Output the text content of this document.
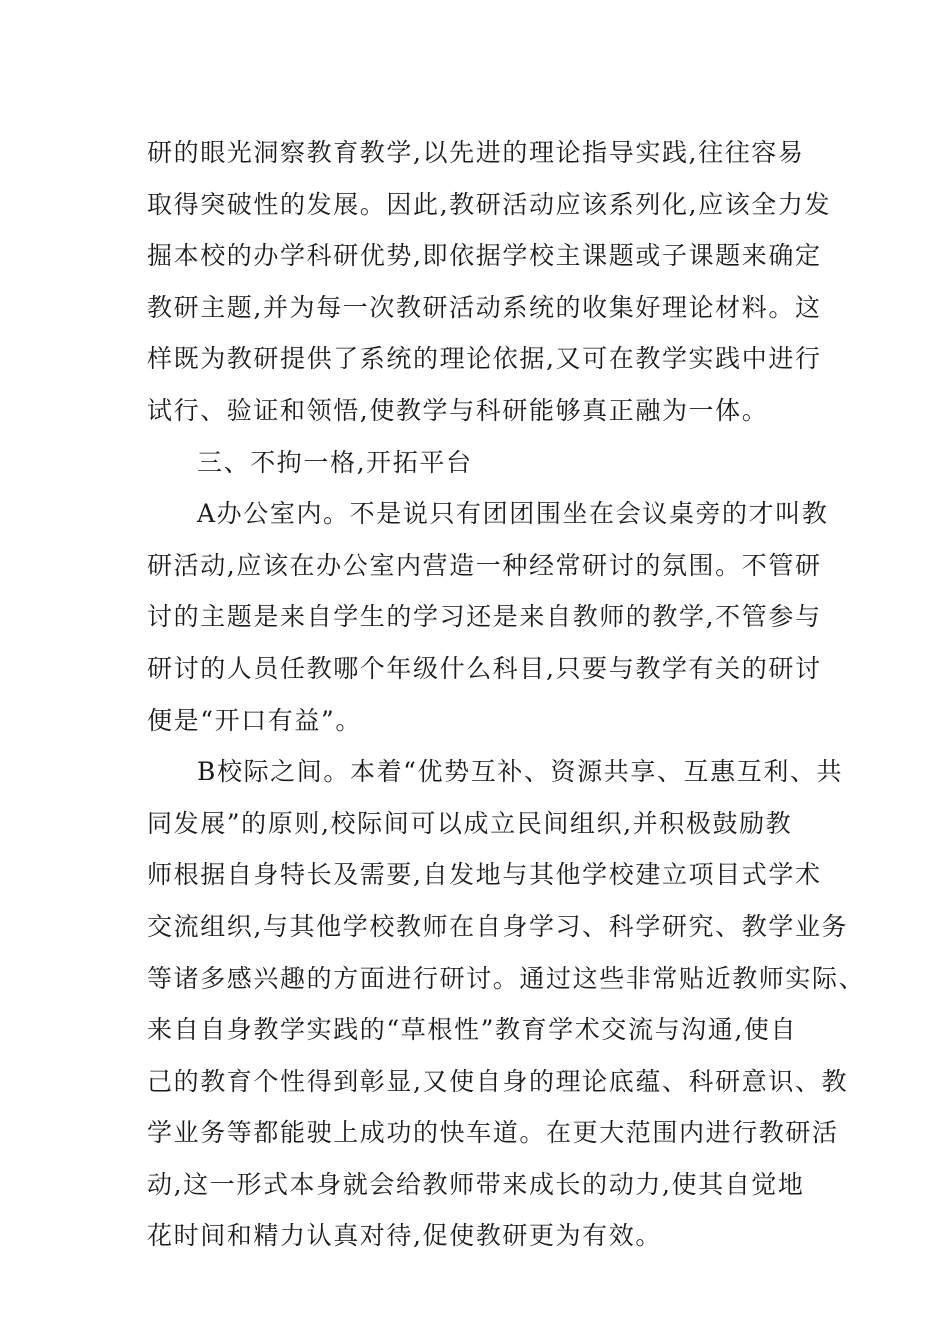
研的眼光洞察教育教学,以先进的理论指导实践,往往容易
取得突破性的发展。因此,教研活动应该系列化,应该全力发
掘本校的办学科研优势,即依据学校主课题或子课题来确定
教研主题,并为每一次教研活动系统的收集好理论材料。这
样既为教研提供了系统的理论依据,又可在教学实践中进行
试行、验证和领悟,使教学与科研能够真正融为一体。
三、不拘一格,开拓平台
A办公室内。不是说只有团团围坐在会议桌旁的才叫教
研活动,应该在办公室内营造一种经常研讨的氛围。不管研
讨的主题是来自学生的学习还是来自教师的教学,不管参与
研讨的人员任教哪个年级什么科目,只要与教学有关的研讨
便是“开口有益”。
B校际之间。本着“优势互补、资源共享、互惠互利、共
同发展”的原则,校际间可以成立民间组织,并积极鼓励教
师根据自身特长及需要,自发地与其他学校建立项目式学术
交流组织,与其他学校教师在自身学习、科学研究、教学业务
等诸多感兴趣的方面进行研讨。通过这些非常贴近教师实际、
来自自身教学实践的“草根性”教育学术交流与沟通,使自
己的教育个性得到彰显,又使自身的理论底蕴、科研意识、教
学业务等都能驶上成功的快车道。在更大范围内进行教研活
动,这一形式本身就会给教师带来成长的动力,使其自觉地
花时间和精力认真对待,促使教研更为有效。
